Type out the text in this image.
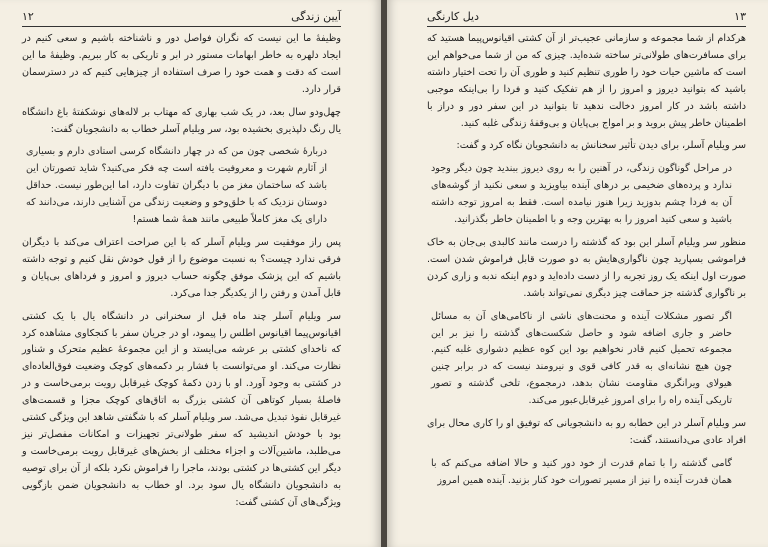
آیین زندگی
۱۲

وظیفهٔ ما این نیست که نگران فواصل دور و ناشناخته باشیم و سعی کنیم در ایجاد دلهره به خاطر ابهامات مستور در ابر و تاریکی به کار ببریم. وظیفهٔ ما این است که دقت و همت خود را صرف استفاده از چیزهایی کنیم که در دسترسمان قرار دارد.

چهل‌ودو سال بعد، در یک شب بهاری که مهتاب بر لاله‌های نوشکفتهٔ باغ دانشگاه یال رنگ دلپذیری بخشیده بود، سر ویلیام آسلر خطاب به دانشجویان گفت:

دربارهٔ شخصی چون من که در چهار دانشگاه کرسی استادی دارم و بسیاری از آثارم شهرت و معروفیت یافته است چه فکر می‌کنید؟ شاید تصورتان این باشد که ساختمان مغز من با دیگران تفاوت دارد، اما این‌طور نیست. حداقل دوستان نزدیک که با خلق‌وخو و وضعیت زندگی من آشنایی دارند، می‌دانند که دارای یک مغز کاملاً طبیعی مانند همهٔ شما هستم!

پس راز موفقیت سر ویلیام آسلر که با این صراحت اعتراف می‌کند با دیگران فرقی ندارد چیست؟ به نسبت موضوع را از قول خودش نقل کنیم و توجه داشته باشیم که این پزشک موفق چگونه حساب دیروز و امروز و فرداهای بی‌پایان و قابل آمدن و رفتن را از یکدیگر جدا می‌کرد.

سر ویلیام آسلر چند ماه قبل از سخنرانی در دانشگاه یال با یک کشتی اقیانوس‌پیما اقیانوس اطلس را پیمود، او در جریان سفر با کنجکاوی مشاهده کرد که ناخدای کشتی بر عرشه می‌ایستد و از این مجموعهٔ عظیم متحرک و شناور نظارت می‌کند. او می‌توانست با فشار بر دکمه‌های کوچک وضعیت فوق‌العاده‌ای در کشتی به وجود آورد. او با زدن دکمهٔ کوچک غیرقابل رویت برمی‌خاست و در فاصلهٔ بسیار کوتاهی آن کشتی بزرگ به اتاق‌های کوچک مجزا و قسمت‌های غیرقابل نفوذ تبدیل می‌شد. سر ویلیام آسلر که با شگفتی شاهد این ویژگی کشتی بود با خودش اندیشید که سفر طولانی‌تر تجهیزات و امکانات مفصل‌تر نیز می‌طلبد، ماشین‌آلات و اجزاء مختلف از بخش‌های غیرقابل رویت برمی‌خاست و دیگر این کشتی‌ها در کشتی بودند، ماجرا را فراموش نکرد بلکه از آن برای توصیه به دانشجویان دانشگاه یال سود برد. او خطاب به دانشجویان ضمن بازگویی ویژگی‌های آن کشتی گفت:

۱۳
دیل کارنگی

هرکدام از شما مجموعه و سازمانی عجیب‌تر از آن کشتی اقیانوس‌پیما هستید که برای مسافرت‌های طولانی‌تر ساخته شده‌اید. چیزی که من از شما می‌خواهم این است که ماشین حیات خود را طوری تنظیم کنید و طوری آن را تحت اختیار داشته باشید که بتوانید دیروز و امروز را از هم تفکیک کنید و فردا را بی‌اینکه موجبی داشته باشد در کار امروز دخالت ندهید تا بتوانید در این سفر دور و دراز با اطمینان خاطر پیش بروید و بر امواج بی‌پایان و بی‌وقفهٔ زندگی غلبه کنید.

سر ویلیام آسلر، برای دیدن تأثیر سخنانش به دانشجویان نگاه کرد و گفت:

در مراحل گوناگون زندگی، در آهنین را به روی دیروز ببندید چون دیگر وجود ندارد و پرده‌های ضخیمی بر درهای آینده بیاویزید و سعی نکنید از گوشه‌های آن به فردا چشم بدوزید زیرا هنوز نیامده است. فقط به امروز توجه داشته باشید و سعی کنید امروز را به بهترین وجه و با اطمینان خاطر بگذرانید.

منظور سر ویلیام آسلر این بود که گذشته را درست مانند کالبدی بی‌جان به خاک فراموشی بسپارید چون ناگواری‌هایش به دو صورت قابل فراموش شدن است. صورت اول اینکه یک روز تجربه را از دست داده‌اید و دوم اینکه ندبه و زاری کردن بر ناگواری گذشته جز حماقت چیز دیگری نمی‌تواند باشد.

اگر تصور مشکلات آینده و محنت‌های ناشی از ناکامی‌های آن به مسائل حاضر و جاری اضافه شود و حاصل شکست‌های گذشته را نیز بر این مجموعه تحمیل کنیم قادر نخواهیم بود این کوه عظیم دشواری غلبه کنیم. چون هیچ نشانه‌ای به قدر کافی قوی و نیرومند نیست که در برابر چنین هیولای ویرانگری مقاومت نشان بدهد، درمجموع، تلخی گذشته و تصور تاریکی آینده راه را برای امروز غیرقابل‌عبور می‌کند.

سر ویلیام آسلر در این خطابه رو به دانشجویانی که توفیق او را کاری محال برای افراد عادی می‌دانستند، گفت:

گامی گذشته را با تمام قدرت از خود دور کنید و حالا اضافه می‌کنم که با همان قدرت آینده را نیز از مسیر تصورات خود کنار بزنید. آینده همین امروز
